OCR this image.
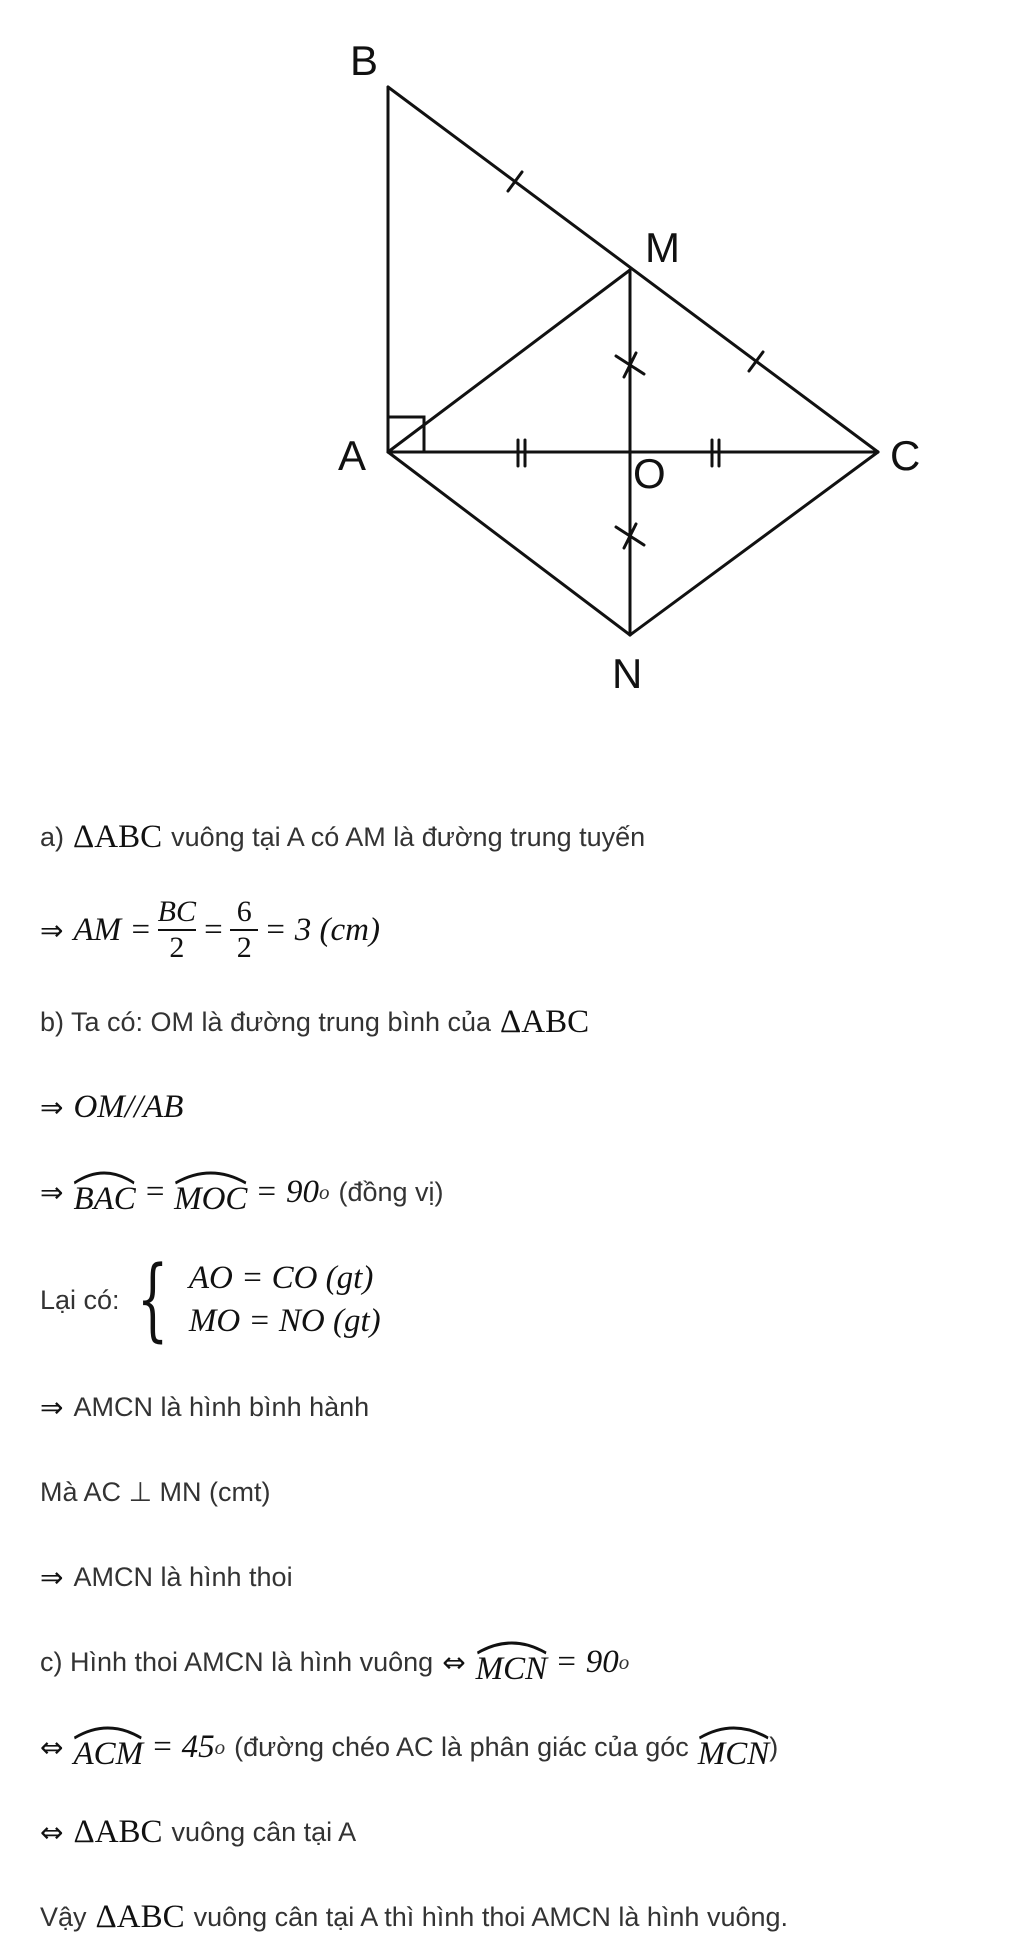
B
M
A	O	C
N
a) ΔABC vuông tại A có AM là đường trung tuyến
⇒ AM = $\frac{BC}{2} = \frac{6}{2} = 3$ (cm)
b) Ta có: OM là đường trung bình của ΔABC
⇒ OM//AB
⇒ BAC = MOC = 90 o (đồng vị)
Lại có: { AO = CO (gt)
MO = NO (gt)
⇒ AMCN là hình bình hành
Mà AC ⊥ MN (cmt)
⇒ AMCN là hình thoi
c) Hình thoi AMCN là hình vuông ⇔ MCN = 90 o
⇔ ACM = 45 o (đường chéo AC là phân giác của góc MCN )
⇔ ΔABC vuông cân tại A
Vậy ΔABC vuông cân tại A thì hình thoi AMCN là hình vuông.
